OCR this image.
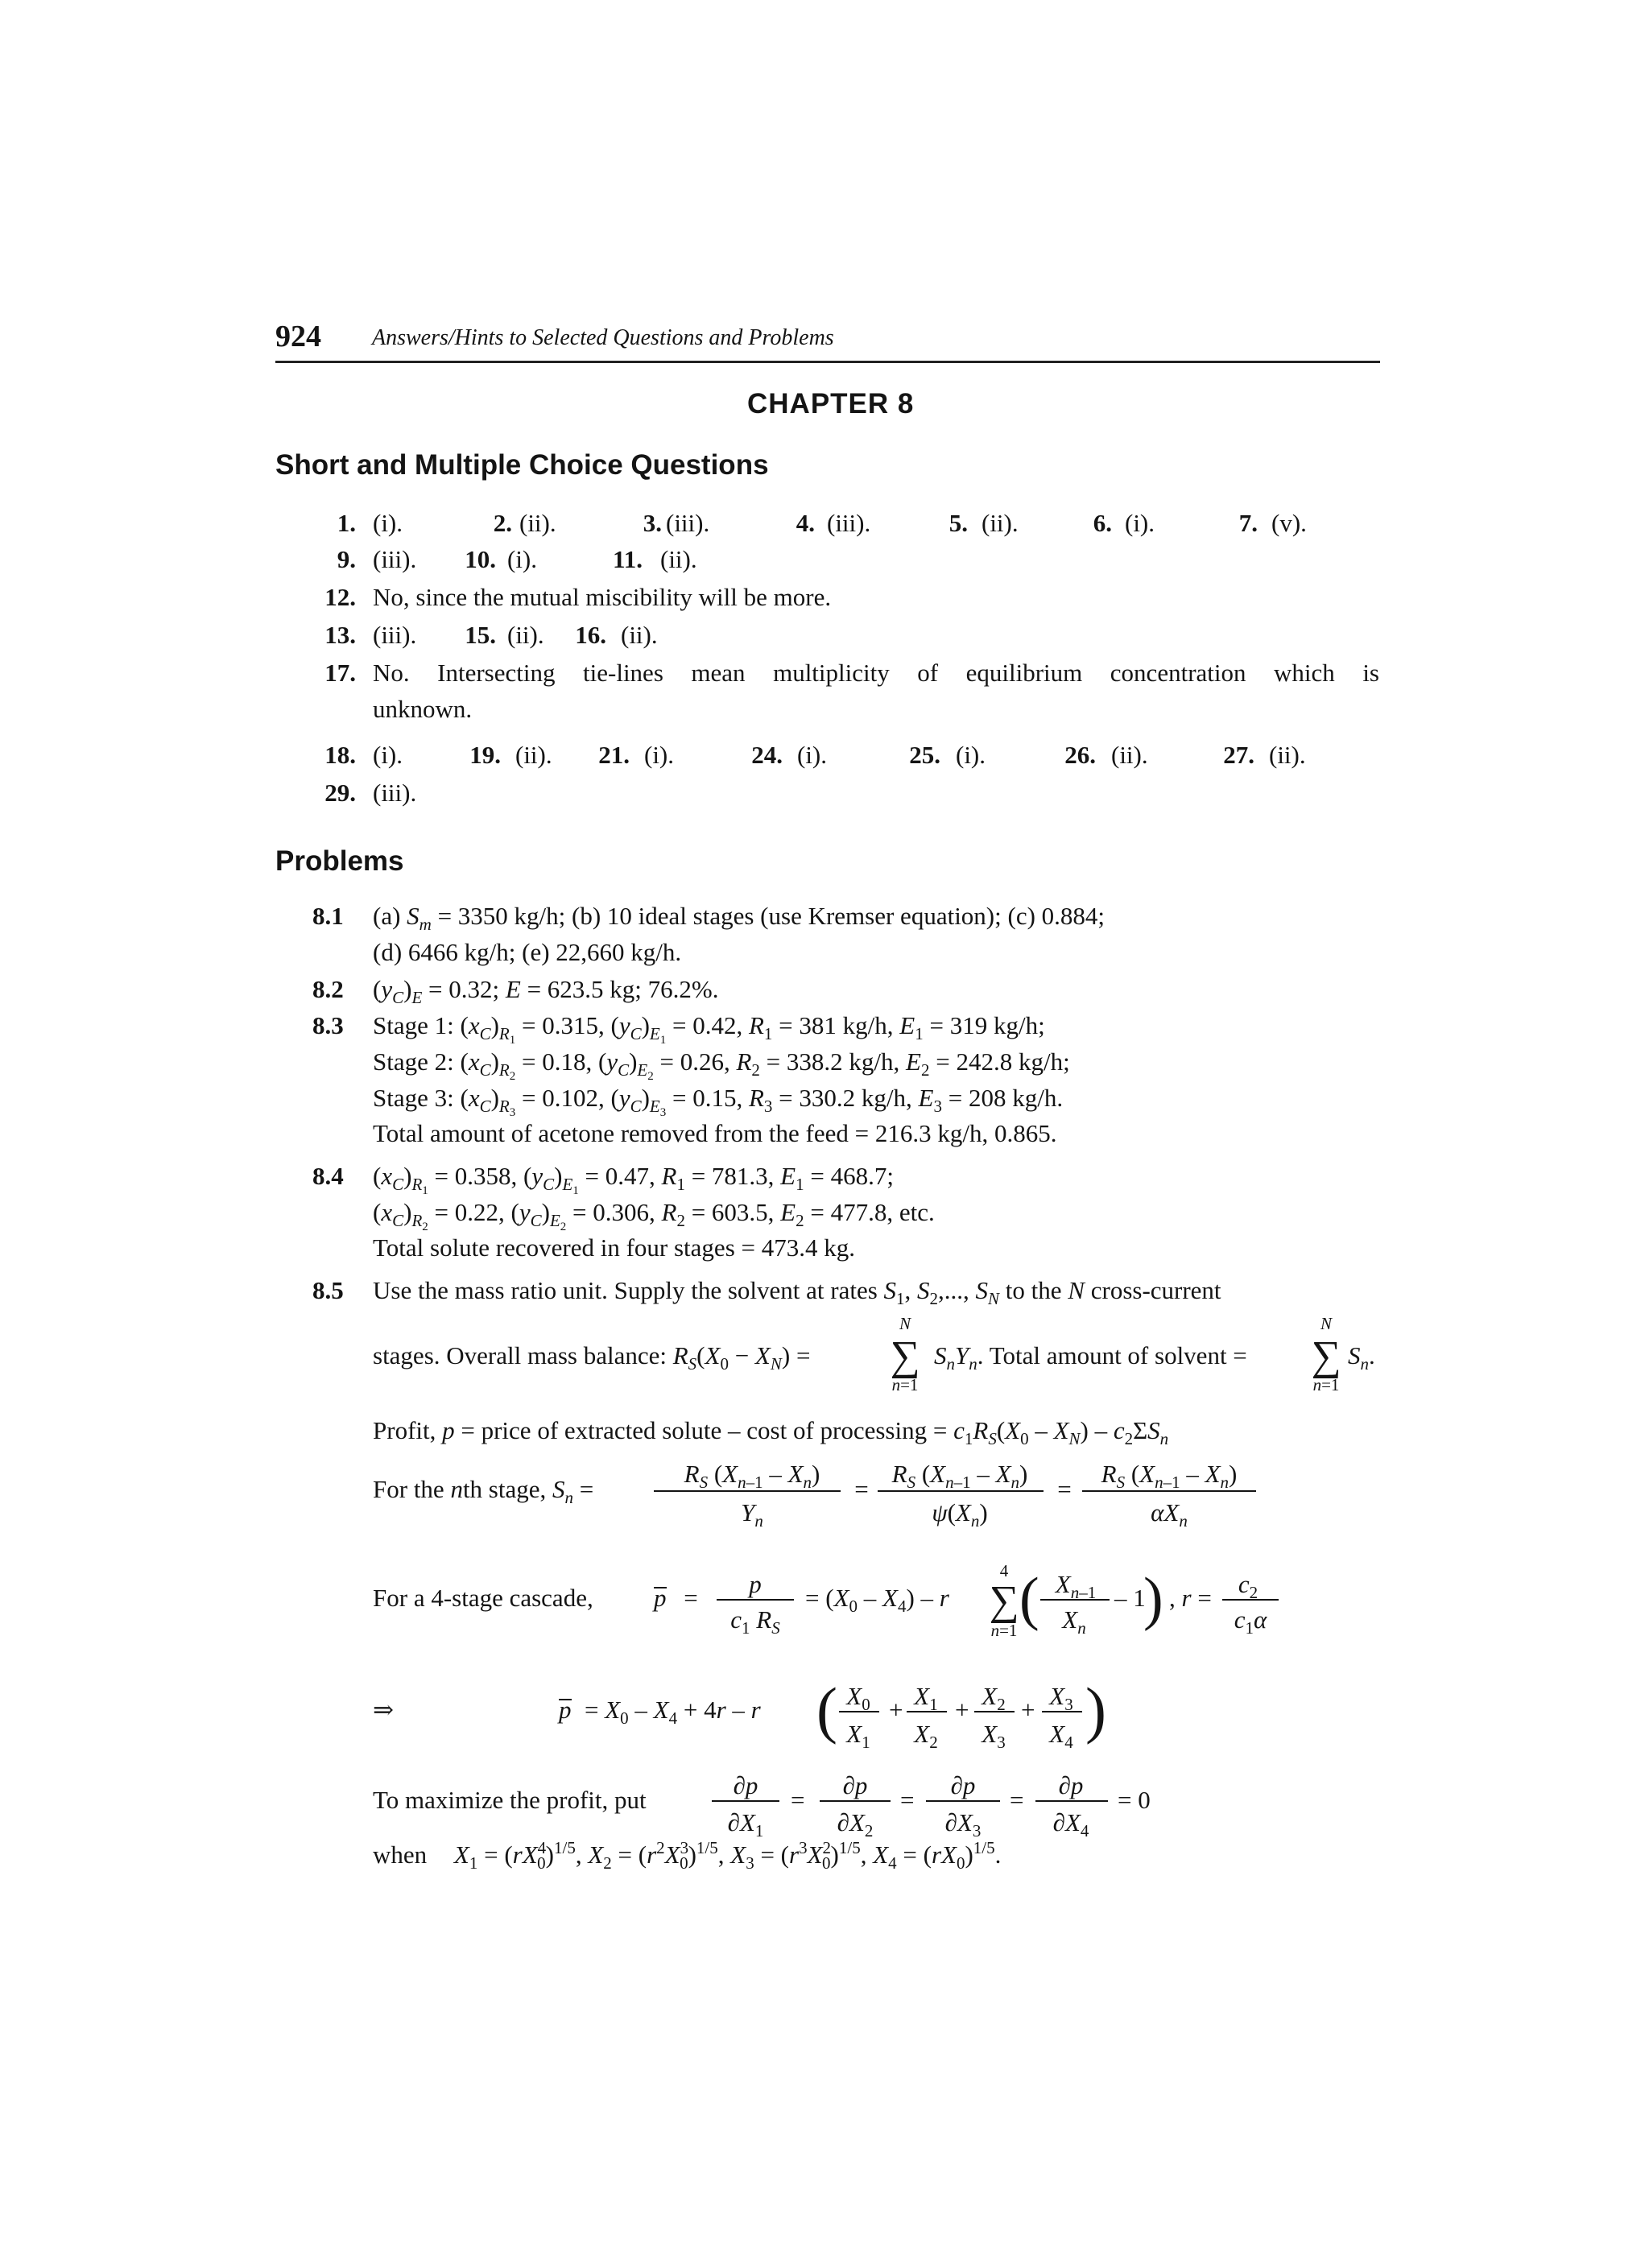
924 Answers/Hints to Selected Questions and Problems
CHAPTER 8
Short and Multiple Choice Questions
1. (i).	2. (ii).	3. (iii).	4. (iii).	5. (ii).	6. (i).	7. (v).
9. (iii).	10. (i).	11. (ii).
12. No, since the mutual miscibility will be more.
13. (iii).	15. (ii).	16. (ii).
17. No. Intersecting tie-lines mean multiplicity of equilibrium concentration which is
unknown.
18. (i).	19. (ii).	21. (i).	24. (i).	25. (i).	26. (ii).	27. (ii).
29. (iii).
Problems
8.1 (a) $S_m = 3350$ kg/h; (b) 10 ideal stages (use Kremser equation); (c) 0.884;
(d) 6466 kg/h; (e) 22,660 kg/h.
8.2 $(y_C)_E = 0.32$; E = 623.5 kg; 76.2%.
8.3 Stage 1: $(x_C)_R1 = 0.315$, $(y_C)_E1 = 0.42$, $R_1 = 381$ kg/h, $E_1 = 319$ kg/h;
Stage 2: $(x_C)_R2 = 0.18$, $(y_C)_E2 = 0.26$, $R_2 = 338.2$ kg/h, $E_2 = 242.8$ kg/h;
Stage 3: $(x_C)_R3 = 0.102$, $(y_C)_E3 = 0.15$, $R_3 = 330.2$ kg/h, $E_3 = 208$ kg/h.
Total amount of acetone removed from the feed = 216.3 kg/h, 0.865.
8.4 $(x_C)_R1 = 0.358$, $(y_C)_E1 = 0.47$, $R_1 = 781.3$, $E_1 = 468.7$;
$(x_C)_R2 = 0.22$, $(y_C)_E2 = 0.306$, $R_2 = 603.5$, $E_2 = 477.8$, etc.
Total solute recovered in four stages = 473.4 kg.
8.5 Use the mass ratio unit. Supply the solvent at rates $S_1$, $S_2$,..., $S_N$ to the N cross-current
stages. Overall mass balance: $R_S(X_0 - X_N)$ =
N
∑
n=1
$S_nY_n$. Total amount of solvent =
N
∑
n=1
$S_n$.
Profit, p = price of extracted solute – cost of processing = $c_1R_S(X_0 - X_N) - c_2\Sigma S_n$
For the nth stage, $S_n$ =
$R_S$ $(X_n-1 - X_n)$
$Y_n$
=
$R_S$ $(X_n-1 - X_n)$
$\psi(X_n)$
=
$R_S$ $(X_n-1 - X_n)$
$\alpha X_n$
For a 4-stage cascade, p = p
$c_1$ $R_S$
= $(X_0 - X_4)$ – r
4
∑
n=1 ( $X_n-1$
$X_n$
– 1
) , $r = c_2$
$c_1\alpha$
⇒	$p = X_0 - X_4 + 4r - r$ ( $X_0$
$X_1$
+ $X_1$
$X_2$
+ $X_2$
$X_3$
+ $X_3$
$X_4$ )
To maximize the profit, put
∂p
$\partial X_1$
=
∂p
$\partial X_2$
=
∂p
$\partial X_3$
=
∂p
$\partial X_4$
= 0
when $X_1 = (rX^4$ 0)$^{1/5}$, $X_2 = (r^2X^3$ 0)$^{1/5}$, $X_3 = (r^3X^2$ 0)$^{1/5}$, $X_4 = (rX_0)^{1/5}$.
